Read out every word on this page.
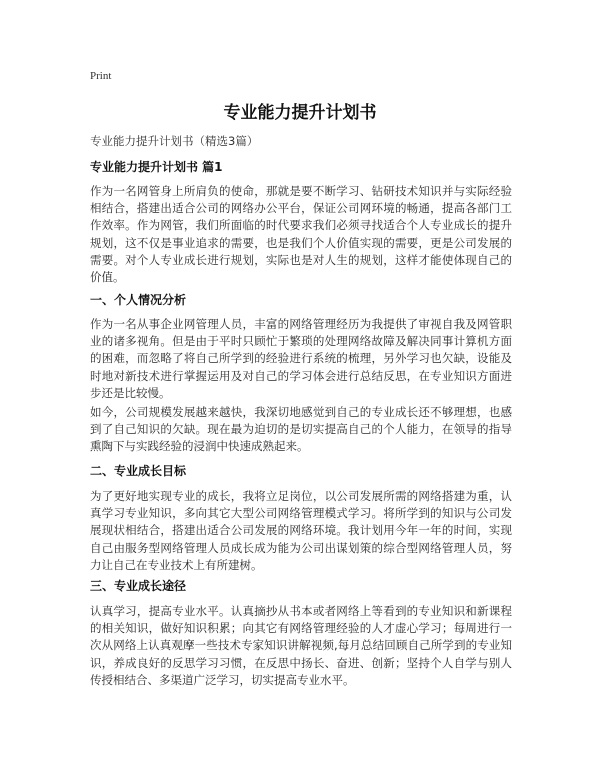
Print
专业能力提升计划书
专业能力提升计划书（精选3篇）
专业能力提升计划书 篇1
作为一名网管身上所肩负的使命，那就是要不断学习、钻研技术知识并与实际经验相结合，搭建出适合公司的网络办公平台，保证公司网环境的畅通，提高各部门工作效率。作为网管，我们所面临的时代要求我们必须寻找适合个人专业成长的提升规划，这不仅是事业追求的需要，也是我们个人价值实现的需要，更是公司发展的需要。对个人专业成长进行规划，实际也是对人生的规划，这样才能使体现自己的价值。
一、个人情况分析
作为一名从事企业网管理人员，丰富的网络管理经历为我提供了审视自我及网管职业的诸多视角。但是由于平时只顾忙于繁琐的处理网络故障及解决同事计算机方面的困难，而忽略了将自己所学到的经验进行系统的梳理，另外学习也欠缺，设能及时地对新技术进行掌握运用及对自己的学习体会进行总结反思，在专业知识方面进步还是比较慢。
如今，公司规模发展越来越快，我深切地感觉到自己的专业成长还不够理想，也感到了自己知识的欠缺。现在最为迫切的是切实提高自己的个人能力，在领导的指导熏陶下与实践经验的浸润中快速成熟起来。
二、专业成长目标
为了更好地实现专业的成长，我将立足岗位，以公司发展所需的网络搭建为重，认真学习专业知识，多向其它大型公司网络管理模式学习。将所学到的知识与公司发展现状相结合，搭建出适合公司发展的网络环境。我计划用今年一年的时间，实现自己由服务型网络管理人员成长成为能为公司出谋划策的综合型网络管理人员，努力让自己在专业技术上有所建树。
三、专业成长途径
认真学习，提高专业水平。认真摘抄从书本或者网络上等看到的专业知识和新课程的相关知识，做好知识积累；向其它有网络管理经验的人才虚心学习；每周进行一次从网络上认真观摩一些技术专家知识讲解视频,每月总结回顾自己所学到的专业知识，养成良好的反思学习习惯，在反思中扬长、奋进、创新；坚持个人自学与别人传授相结合、多渠道广泛学习，切实提高专业水平。
